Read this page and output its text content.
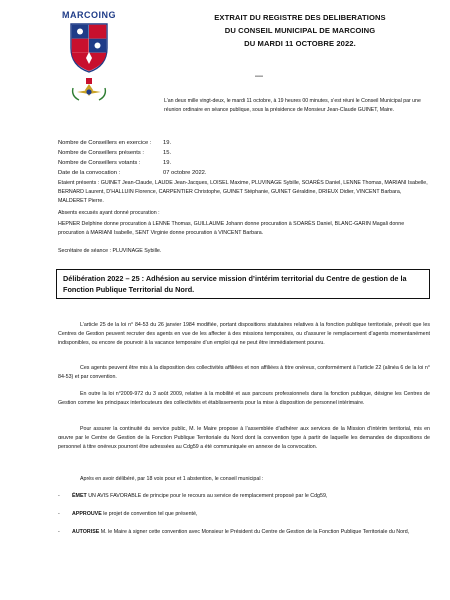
MARCOING	EXTRAIT DU REGISTRE DES DELIBERATIONS
DU CONSEIL MUNICIPAL DE MARCOING
DU MARDI 11 OCTOBRE 2022.
----
L’an deux mille vingt-deux, le mardi 11 octobre, à 19 heures 00 minutes, s’est réuni le Conseil Municipal par une réunion ordinaire en séance publique, sous la présidence de Monsieur Jean-Claude GUINET, Maire.
Nombre de Conseillers en exercice :
Nombre de Conseillers présents :
Nombre de Conseillers votants :
Date de la convocation :
19.
15.
19.
07 octobre 2022.
Etaient présents : GUINET Jean-Claude, LAUDE Jean-Jacques, LOISEL Maxime, PLUVINAGE Sybille, SOARÈS Daniel, LENNE Thomas, MARIANI Isabelle, BERNARD Laurent, D’HALLUIN Florence, CARPENTIER Christophe, GUINET Stéphanie, GUINET Géraldine, DRIEUX Didier, VINCENT Barbara, MALDERET Pierre.
Absents excusés ayant donné procuration :
HEPNER Delphine donne procuration à LENNE Thomas, GUILLAUME Johann donne procuration à SOARÈS Daniel, BLANC-GARIN Magali donne procuration à MARIANI Isabelle, SENT Virginie donne procuration à VINCENT Barbara.
Secrétaire de séance : PLUVINAGE Sybille.
Délibération 2022 – 25 : Adhésion au service mission d’intérim territorial du Centre de gestion de la Fonction Publique Territorial du Nord.
L’article 25 de la loi n° 84-53 du 26 janvier 1984 modifiée, portant dispositions statutaires relatives à la fonction publique territoriale, prévoit que les Centres de Gestion peuvent recruter des agents en vue de les affecter à des missions temporaires, ou d’assurer le remplacement d’agents momentanément indisponibles, ou encore de pourvoir à la vacance temporaire d’un emploi qui ne peut être immédiatement pourvu.
Ces agents peuvent être mis à la disposition des collectivités affiliées et non affiliées à titre onéreux, conformément à l’article 22 (alinéa 6 de la loi n° 84-53) et par convention.
En outre la loi n°2009-972 du 3 août 2009, relative à la mobilité et aux parcours professionnels dans la fonction publique, désigne les Centres de Gestion comme les principaux interlocuteurs des collectivités et établissements pour la mise à disposition de personnel intérimaire.
Pour assurer la continuité du service public, M. le Maire propose à l’assemblée d’adhérer aux services de la Mission d’intérim territorial, mis en œuvre par le Centre de Gestion de la Fonction Publique Territoriale du Nord dont la convention type à partir de laquelle les demandes de dispositions de personnel à titre onéreux pourront être adressées au Cdg59 a été communiquée en annexe de la convocation.
Après en avoir délibéré, par 18 voix pour et 1 abstention, le conseil municipal :
- ÉMET UN AVIS FAVORABLE de principe pour le recours au service de remplacement proposé par le Cdg59,
- APPROUVE le projet de convention tel que présenté,
- AUTORISE M. le Maire à signer cette convention avec Monsieur le Président du Centre de Gestion de la Fonction Publique Territoriale du Nord,
